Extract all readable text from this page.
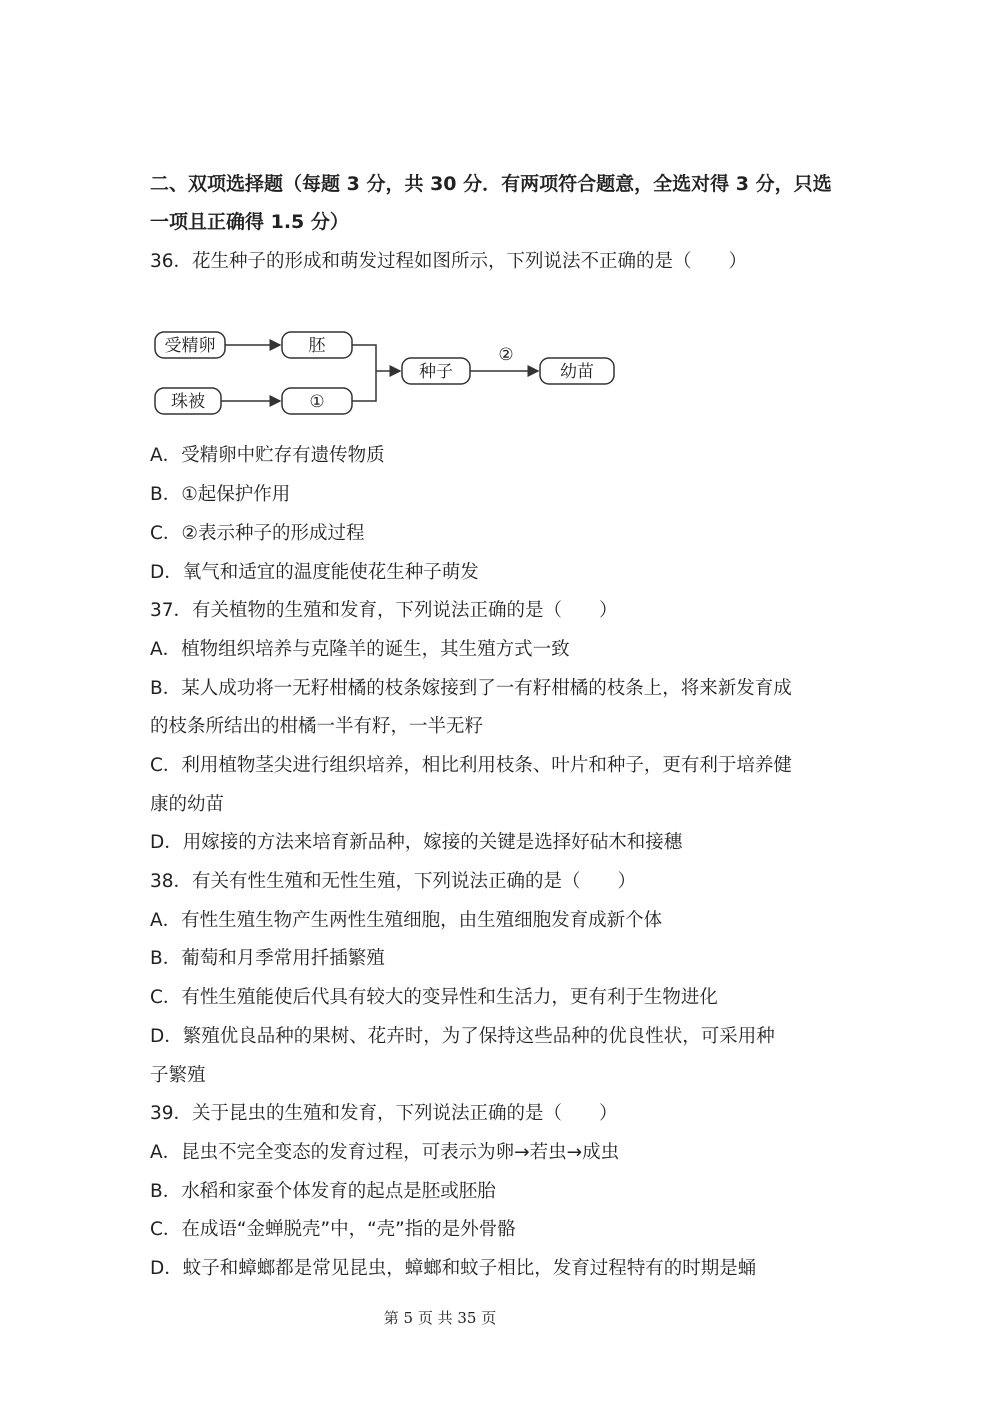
二、双项选择题（每题 3 分，共 30 分．有两项符合题意，全选对得 3 分，只选
一项且正确得 1.5 分）
36．花生种子的形成和萌发过程如图所示，下列说法不正确的是（　　）
受精卵	胚
珠被	①
种子
②
幼苗
A．受精卵中贮存有遗传物质
B．①起保护作用
C．②表示种子的形成过程
D．氧气和适宜的温度能使花生种子萌发
37．有关植物的生殖和发育，下列说法正确的是（　　）
A．植物组织培养与克隆羊的诞生，其生殖方式一致
B．某人成功将一无籽柑橘的枝条嫁接到了一有籽柑橘的枝条上，将来新发育成
的枝条所结出的柑橘一半有籽，一半无籽
C．利用植物茎尖进行组织培养，相比利用枝条、叶片和种子，更有利于培养健
康的幼苗
D．用嫁接的方法来培育新品种，嫁接的关键是选择好砧木和接穗
38．有关有性生殖和无性生殖，下列说法正确的是（　　）
A．有性生殖生物产生两性生殖细胞，由生殖细胞发育成新个体
B．葡萄和月季常用扦插繁殖
C．有性生殖能使后代具有较大的变异性和生活力，更有利于生物进化
D．繁殖优良品种的果树、花卉时，为了保持这些品种的优良性状，可采用种
子繁殖
39．关于昆虫的生殖和发育，下列说法正确的是（　　）
A．昆虫不完全变态的发育过程，可表示为卵→若虫→成虫
B．水稻和家蚕个体发育的起点是胚或胚胎
C．在成语“金蝉脱壳”中，“壳”指的是外骨骼
D．蚊子和蟑螂都是常见昆虫，蟑螂和蚊子相比，发育过程特有的时期是蛹
第 5 页 共 35 页
